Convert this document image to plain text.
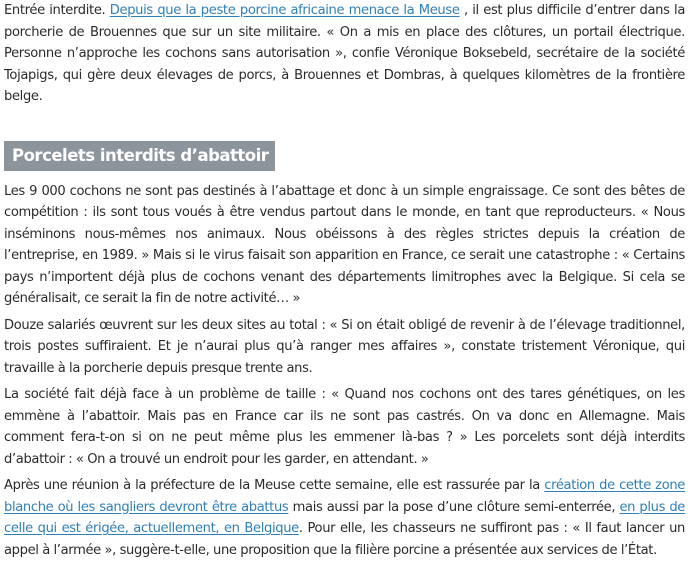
Entrée interdite. Depuis que la peste porcine africaine menace la Meuse , il est plus difficile d’entrer dans la porcherie de Brouennes que sur un site militaire. « On a mis en place des clôtures, un portail électrique. Personne n’approche les cochons sans autorisation », confie Véronique Boksebeld, secrétaire de la société Tojapigs, qui gère deux élevages de porcs, à Brouennes et Dombras, à quelques kilomètres de la frontière belge.

Porcelets interdits d’abattoir

Les 9 000 cochons ne sont pas destinés à l’abattage et donc à un simple engraissage. Ce sont des bêtes de compétition : ils sont tous voués à être vendus partout dans le monde, en tant que reproducteurs. « Nous inséminons nous-mêmes nos animaux. Nous obéissons à des règles strictes depuis la création de l’entreprise, en 1989. » Mais si le virus faisait son apparition en France, ce serait une catastrophe : « Certains pays n’importent déjà plus de cochons venant des départements limitrophes avec la Belgique. Si cela se généralisait, ce serait la fin de notre activité… »

Douze salariés œuvrent sur les deux sites au total : « Si on était obligé de revenir à de l’élevage traditionnel, trois postes suffiraient. Et je n’aurai plus qu’à ranger mes affaires », constate tristement Véronique, qui travaille à la porcherie depuis presque trente ans.

La société fait déjà face à un problème de taille : « Quand nos cochons ont des tares génétiques, on les emmène à l’abattoir. Mais pas en France car ils ne sont pas castrés. On va donc en Allemagne. Mais comment fera-t-on si on ne peut même plus les emmener là-bas ? » Les porcelets sont déjà interdits d’abattoir : « On a trouvé un endroit pour les garder, en attendant. »

Après une réunion à la préfecture de la Meuse cette semaine, elle est rassurée par la création de cette zone blanche où les sangliers devront être abattus mais aussi par la pose d’une clôture semi-enterrée, en plus de celle qui est érigée, actuellement, en Belgique. Pour elle, les chasseurs ne suffiront pas : « Il faut lancer un appel à l’armée », suggère-t-elle, une proposition que la filière porcine a présentée aux services de l’État.
